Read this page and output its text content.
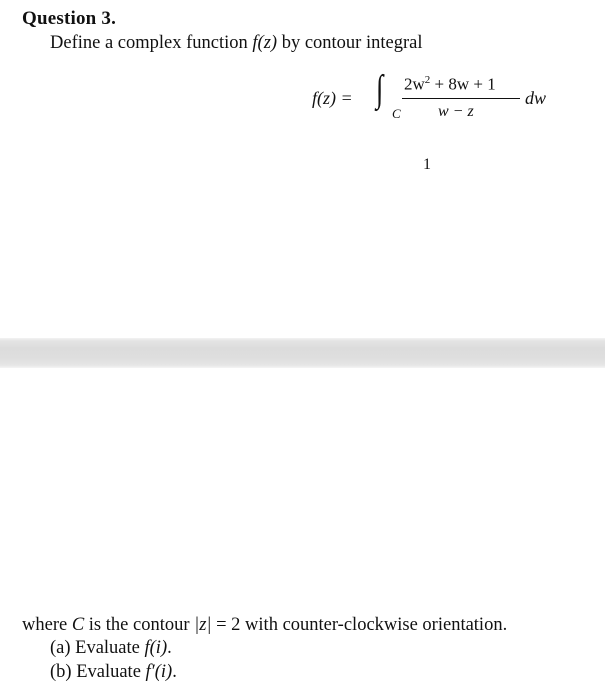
Question 3.
Define a complex function f(z) by contour integral
f(z) = ∫
C
$2w^2 + 8w + 1$
w − z
dw
1
where C is the contour |z| = 2 with counter-clockwise orientation.
(a) Evaluate f(i).
(b) Evaluate f′(i).
